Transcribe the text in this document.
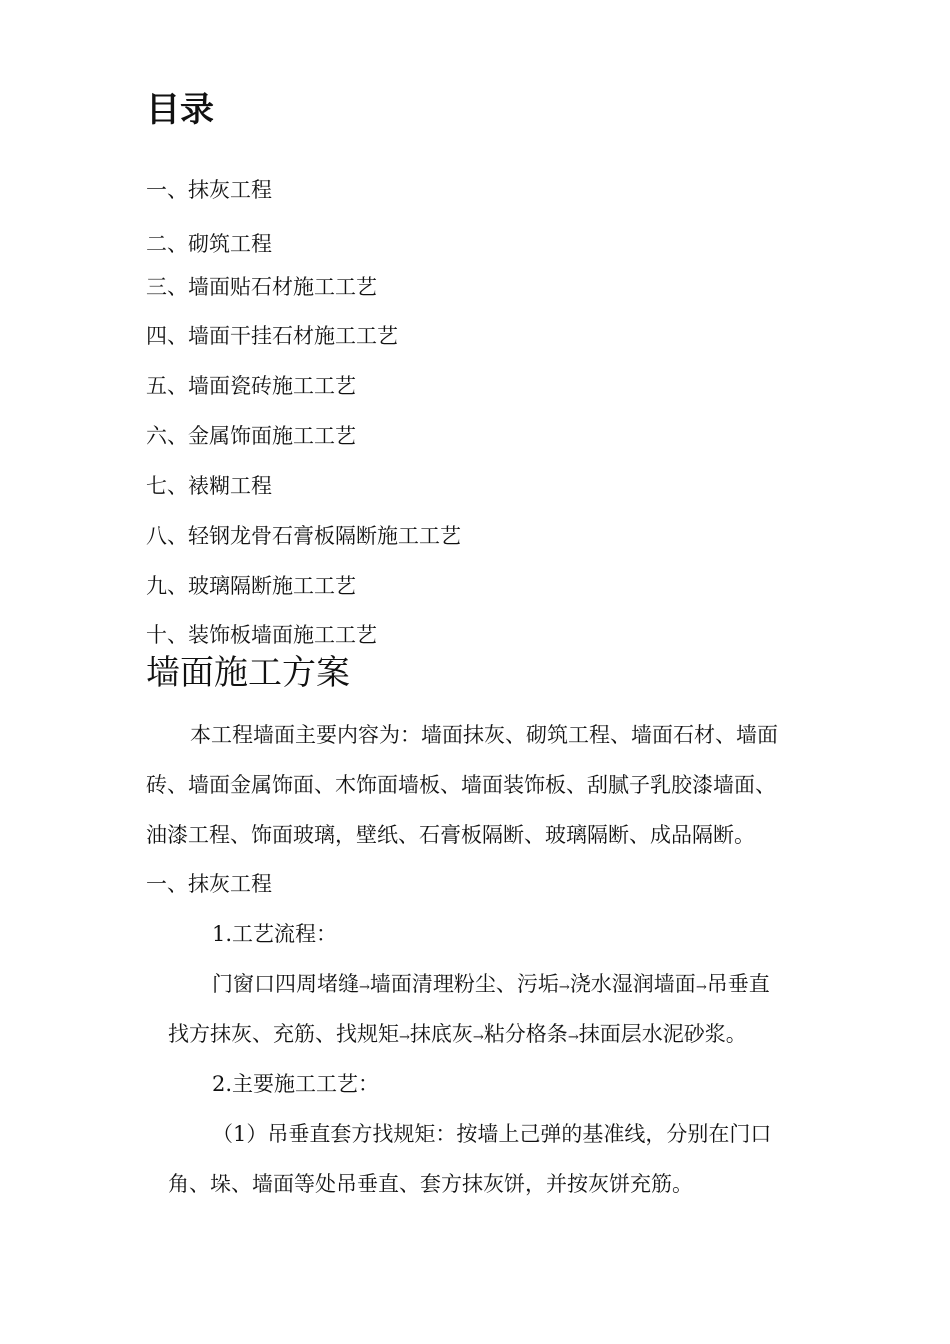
目录
一、抹灰工程
二、砌筑工程
三、墙面贴石材施工工艺
四、墙面干挂石材施工工艺
五、墙面瓷砖施工工艺
六、金属饰面施工工艺
七、裱糊工程
八、轻钢龙骨石膏板隔断施工工艺
九、玻璃隔断施工工艺
十、装饰板墙面施工工艺
墙面施工方案
本工程墙面主要内容为：墙面抹灰、砌筑工程、墙面石材、墙面
砖、墙面金属饰面、木饰面墙板、墙面装饰板、刮腻子乳胶漆墙面、
油漆工程、饰面玻璃，壁纸、石膏板隔断、玻璃隔断、成品隔断。
一、抹灰工程
1.工艺流程：
门窗口四周堵缝→墙面清理粉尘、污垢→浇水湿润墙面→吊垂直
找方抹灰、充筋、找规矩→抹底灰→粘分格条→抹面层水泥砂浆。
2.主要施工工艺：
（1）吊垂直套方找规矩：按墙上己弹的基准线，分别在门口
角、垛、墙面等处吊垂直、套方抹灰饼，并按灰饼充筋。
